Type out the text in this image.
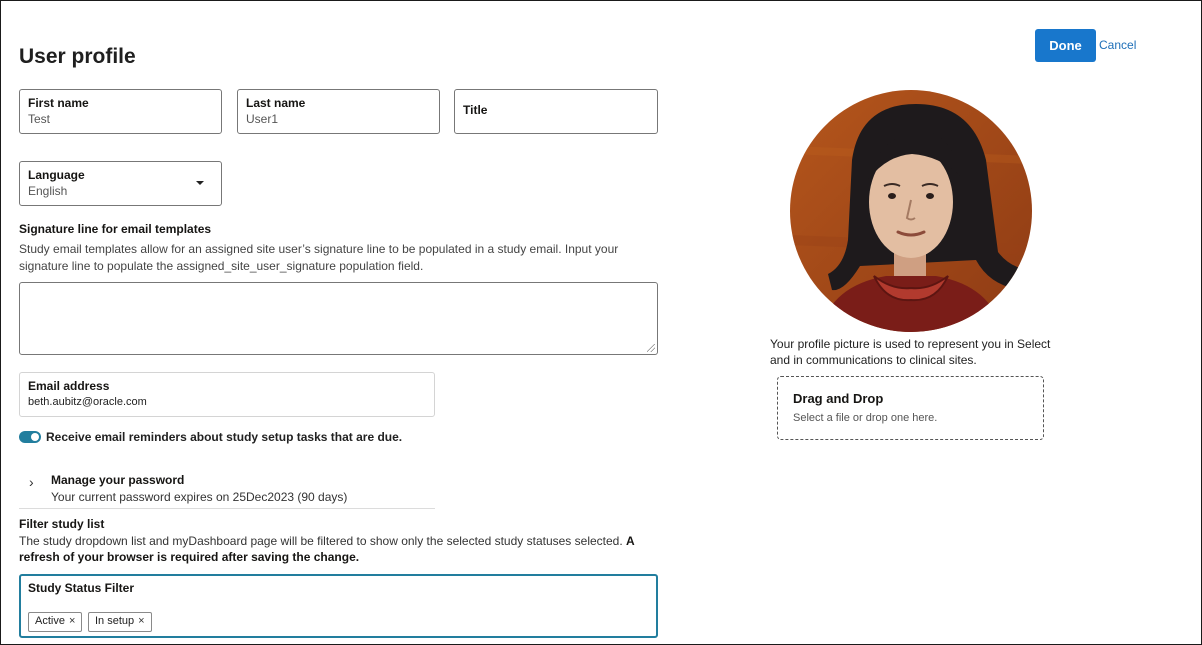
User profile	Done	Cancel
First name
Test
Last name
User1
Title
Language
English
Signature line for email templates
Study email templates allow for an assigned site user’s signature line to be populated in a study email. Input your signature line to populate the assigned_site_user_signature population field.
Email address
beth.aubitz@oracle.com
Receive email reminders about study setup tasks that are due.
› Manage your password
Your current password expires on 25Dec2023 (90 days)
Filter study list
The study dropdown list and myDashboard page will be filtered to show only the selected study statuses selected. A refresh of your browser is required after saving the change.
Study Status Filter
Active ×	In setup ×
Your profile picture is used to represent you in Select and in communications to clinical sites.
Drag and Drop
Select a file or drop one here.
